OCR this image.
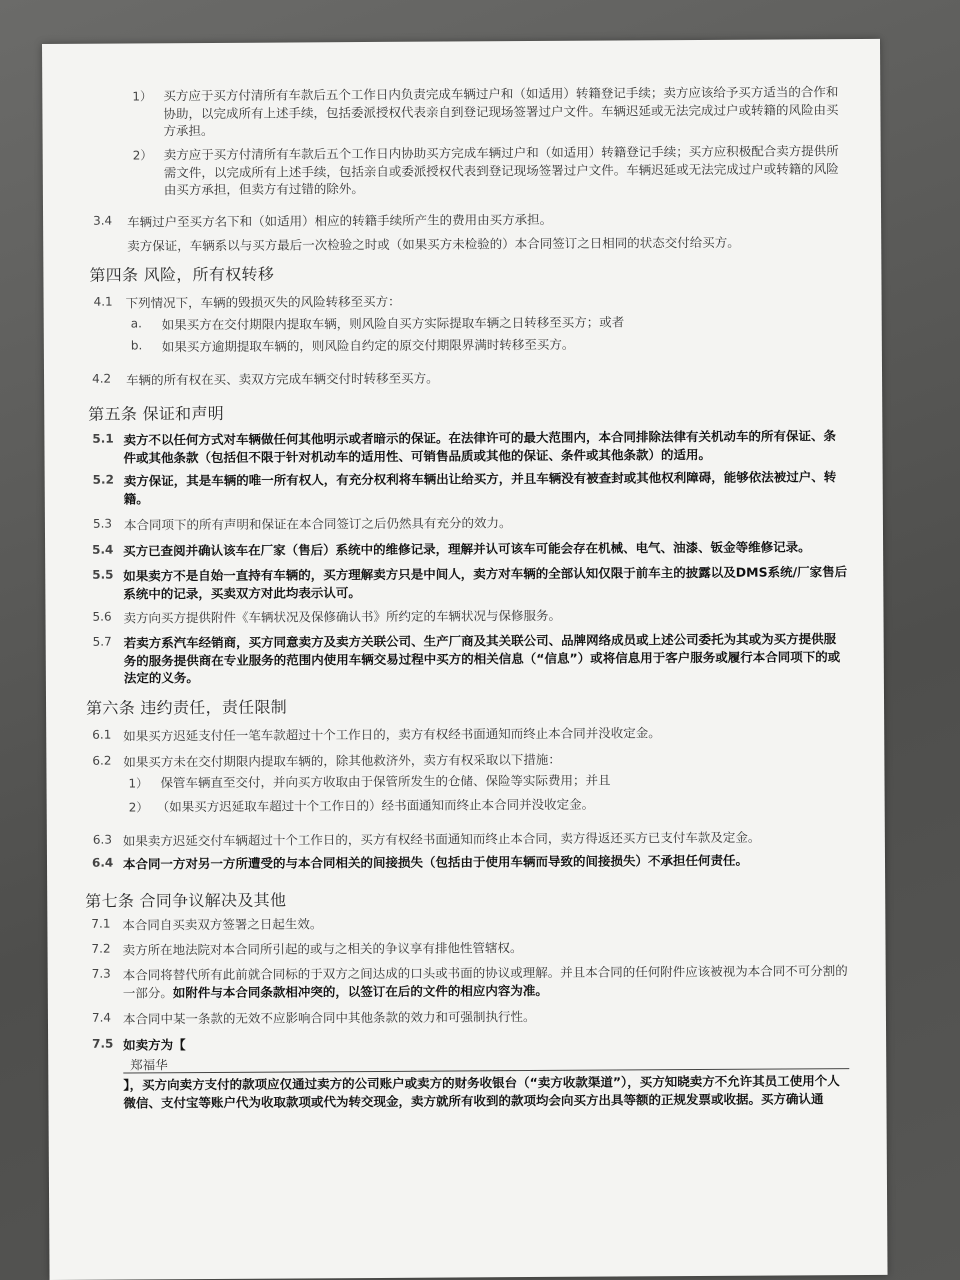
1） 买方应于买方付清所有车款后五个工作日内负责完成车辆过户和（如适用）转籍登记手续；卖方应该给予买方适当的合作和协助，以完成所有上述手续，包括委派授权代表亲自到登记现场签署过户文件。车辆迟延或无法完成过户或转籍的风险由买方承担。
2） 卖方应于买方付清所有车款后五个工作日内协助买方完成车辆过户和（如适用）转籍登记手续；买方应积极配合卖方提供所需文件，以完成所有上述手续，包括亲自或委派授权代表到登记现场签署过户文件。车辆迟延或无法完成过户或转籍的风险由买方承担，但卖方有过错的除外。
3.4 车辆过户至买方名下和（如适用）相应的转籍手续所产生的费用由买方承担。
卖方保证，车辆系以与买方最后一次检验之时或（如果买方未检验的）本合同签订之日相同的状态交付给买方。
第四条 风险，所有权转移
4.1 下列情况下，车辆的毁损灭失的风险转移至买方：
a. 如果买方在交付期限内提取车辆，则风险自买方实际提取车辆之日转移至买方；或者
b. 如果买方逾期提取车辆的，则风险自约定的原交付期限界满时转移至买方。
4.2 车辆的所有权在买、卖双方完成车辆交付时转移至买方。
第五条 保证和声明
5.1 卖方不以任何方式对车辆做任何其他明示或者暗示的保证。在法律许可的最大范围内，本合同排除法律有关机动车的所有保证、条件或其他条款（包括但不限于针对机动车的适用性、可销售品质或其他的保证、条件或其他条款）的适用。
5.2 卖方保证，其是车辆的唯一所有权人，有充分权利将车辆出让给买方，并且车辆没有被查封或其他权利障碍，能够依法被过户、转籍。
5.3 本合同项下的所有声明和保证在本合同签订之后仍然具有充分的效力。
5.4 买方已查阅并确认该车在厂家（售后）系统中的维修记录，理解并认可该车可能会存在机械、电气、油漆、钣金等维修记录。
5.5 如果卖方不是自始一直持有车辆的，买方理解卖方只是中间人，卖方对车辆的全部认知仅限于前车主的披露以及DMS系统/厂家售后系统中的记录，买卖双方对此均表示认可。
5.6 卖方向买方提供附件《车辆状况及保修确认书》所约定的车辆状况与保修服务。
5.7 若卖方系汽车经销商，买方同意卖方及卖方关联公司、生产厂商及其关联公司、品牌网络成员或上述公司委托为其或为买方提供服务的服务提供商在专业服务的范围内使用车辆交易过程中买方的相关信息（“信息”）或将信息用于客户服务或履行本合同项下的或法定的义务。
第六条 违约责任，责任限制
6.1 如果买方迟延支付任一笔车款超过十个工作日的，卖方有权经书面通知而终止本合同并没收定金。
6.2 如果买方未在交付期限内提取车辆的，除其他救济外，卖方有权采取以下措施：
1） 保管车辆直至交付，并向买方收取由于保管所发生的仓储、保险等实际费用；并且
2） （如果买方迟延取车超过十个工作日的）经书面通知而终止本合同并没收定金。
6.3 如果卖方迟延交付车辆超过十个工作日的，买方有权经书面通知而终止本合同，卖方得返还买方已支付车款及定金。
6.4 本合同一方对另一方所遭受的与本合同相关的间接损失（包括由于使用车辆而导致的间接损失）不承担任何责任。
第七条 合同争议解决及其他
7.1 本合同自买卖双方签署之日起生效。
7.2 卖方所在地法院对本合同所引起的或与之相关的争议享有排他性管辖权。
7.3 本合同将替代所有此前就合同标的于双方之间达成的口头或书面的协议或理解。并且本合同的任何附件应该被视为本合同不可分割的一部分。如附件与本合同条款相冲突的，以签订在后的文件的相应内容为准。
7.4 本合同中某一条款的无效不应影响合同中其他条款的效力和可强制执行性。
7.5 如卖方为【
郑福华
】，买方向卖方支付的款项应仅通过卖方的公司账户或卖方的财务收银台（“卖方收款渠道”），买方知晓卖方不允许其员工使用个人微信、支付宝等账户代为收取款项或代为转交现金，卖方就所有收到的款项均会向买方出具等额的正规发票或收据。买方确认通
